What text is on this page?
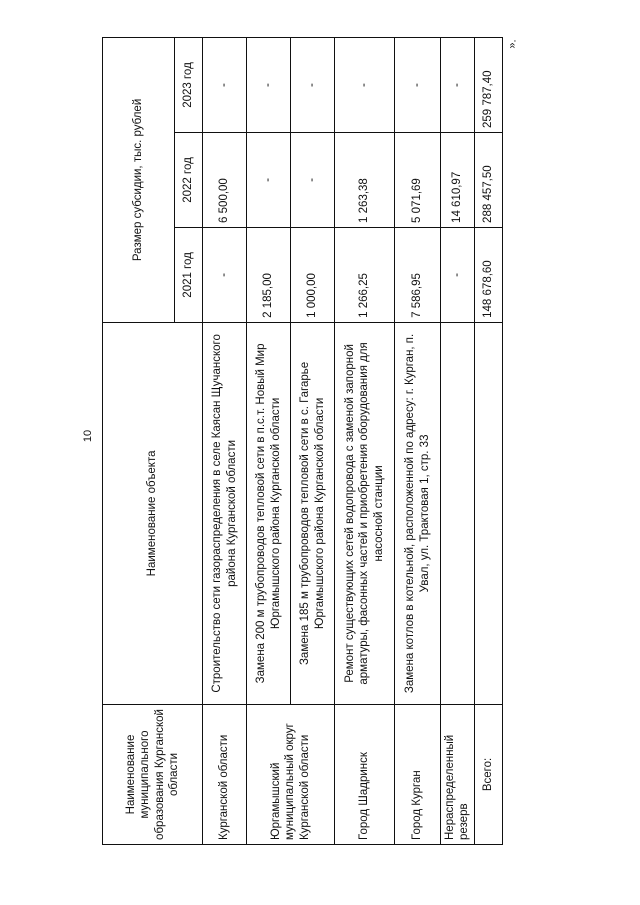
10
».
Наименование муниципального образования Курганской области	Наименование объекта	Размер субсидии, тыс. рублей		
		2021 год	2022 год	2023 год
Курганской области	Строительство сети газораспределения в селе Каясан Щучанского района Курганской области	-	6 500,00	-
Юргамышский муниципальный округ Курганской области	Замена 200 м трубопроводов тепловой сети в п.с.т. Новый Мир Юргамышского района Курганской области	2 185,00	-	-
	Замена 185 м трубопроводов тепловой сети в с. Гагарье Юргамышского района Курганской области	1 000,00	-	-
Город Шадринск	Ремонт существующих сетей водопровода с заменой запорной арматуры, фасонных частей и приобретения оборудования для насосной станции	1 266,25	1 263,38	-
Город Курган	Замена котлов в котельной, расположенной по адресу: г. Курган, п. Увал, ул. Трактовая 1, стр. 33	7 586,95	5 071,69	-
Нераспределенный резерв		-	14 610,97	-
Всего:		148 678,60	288 457,50	259 787,40
